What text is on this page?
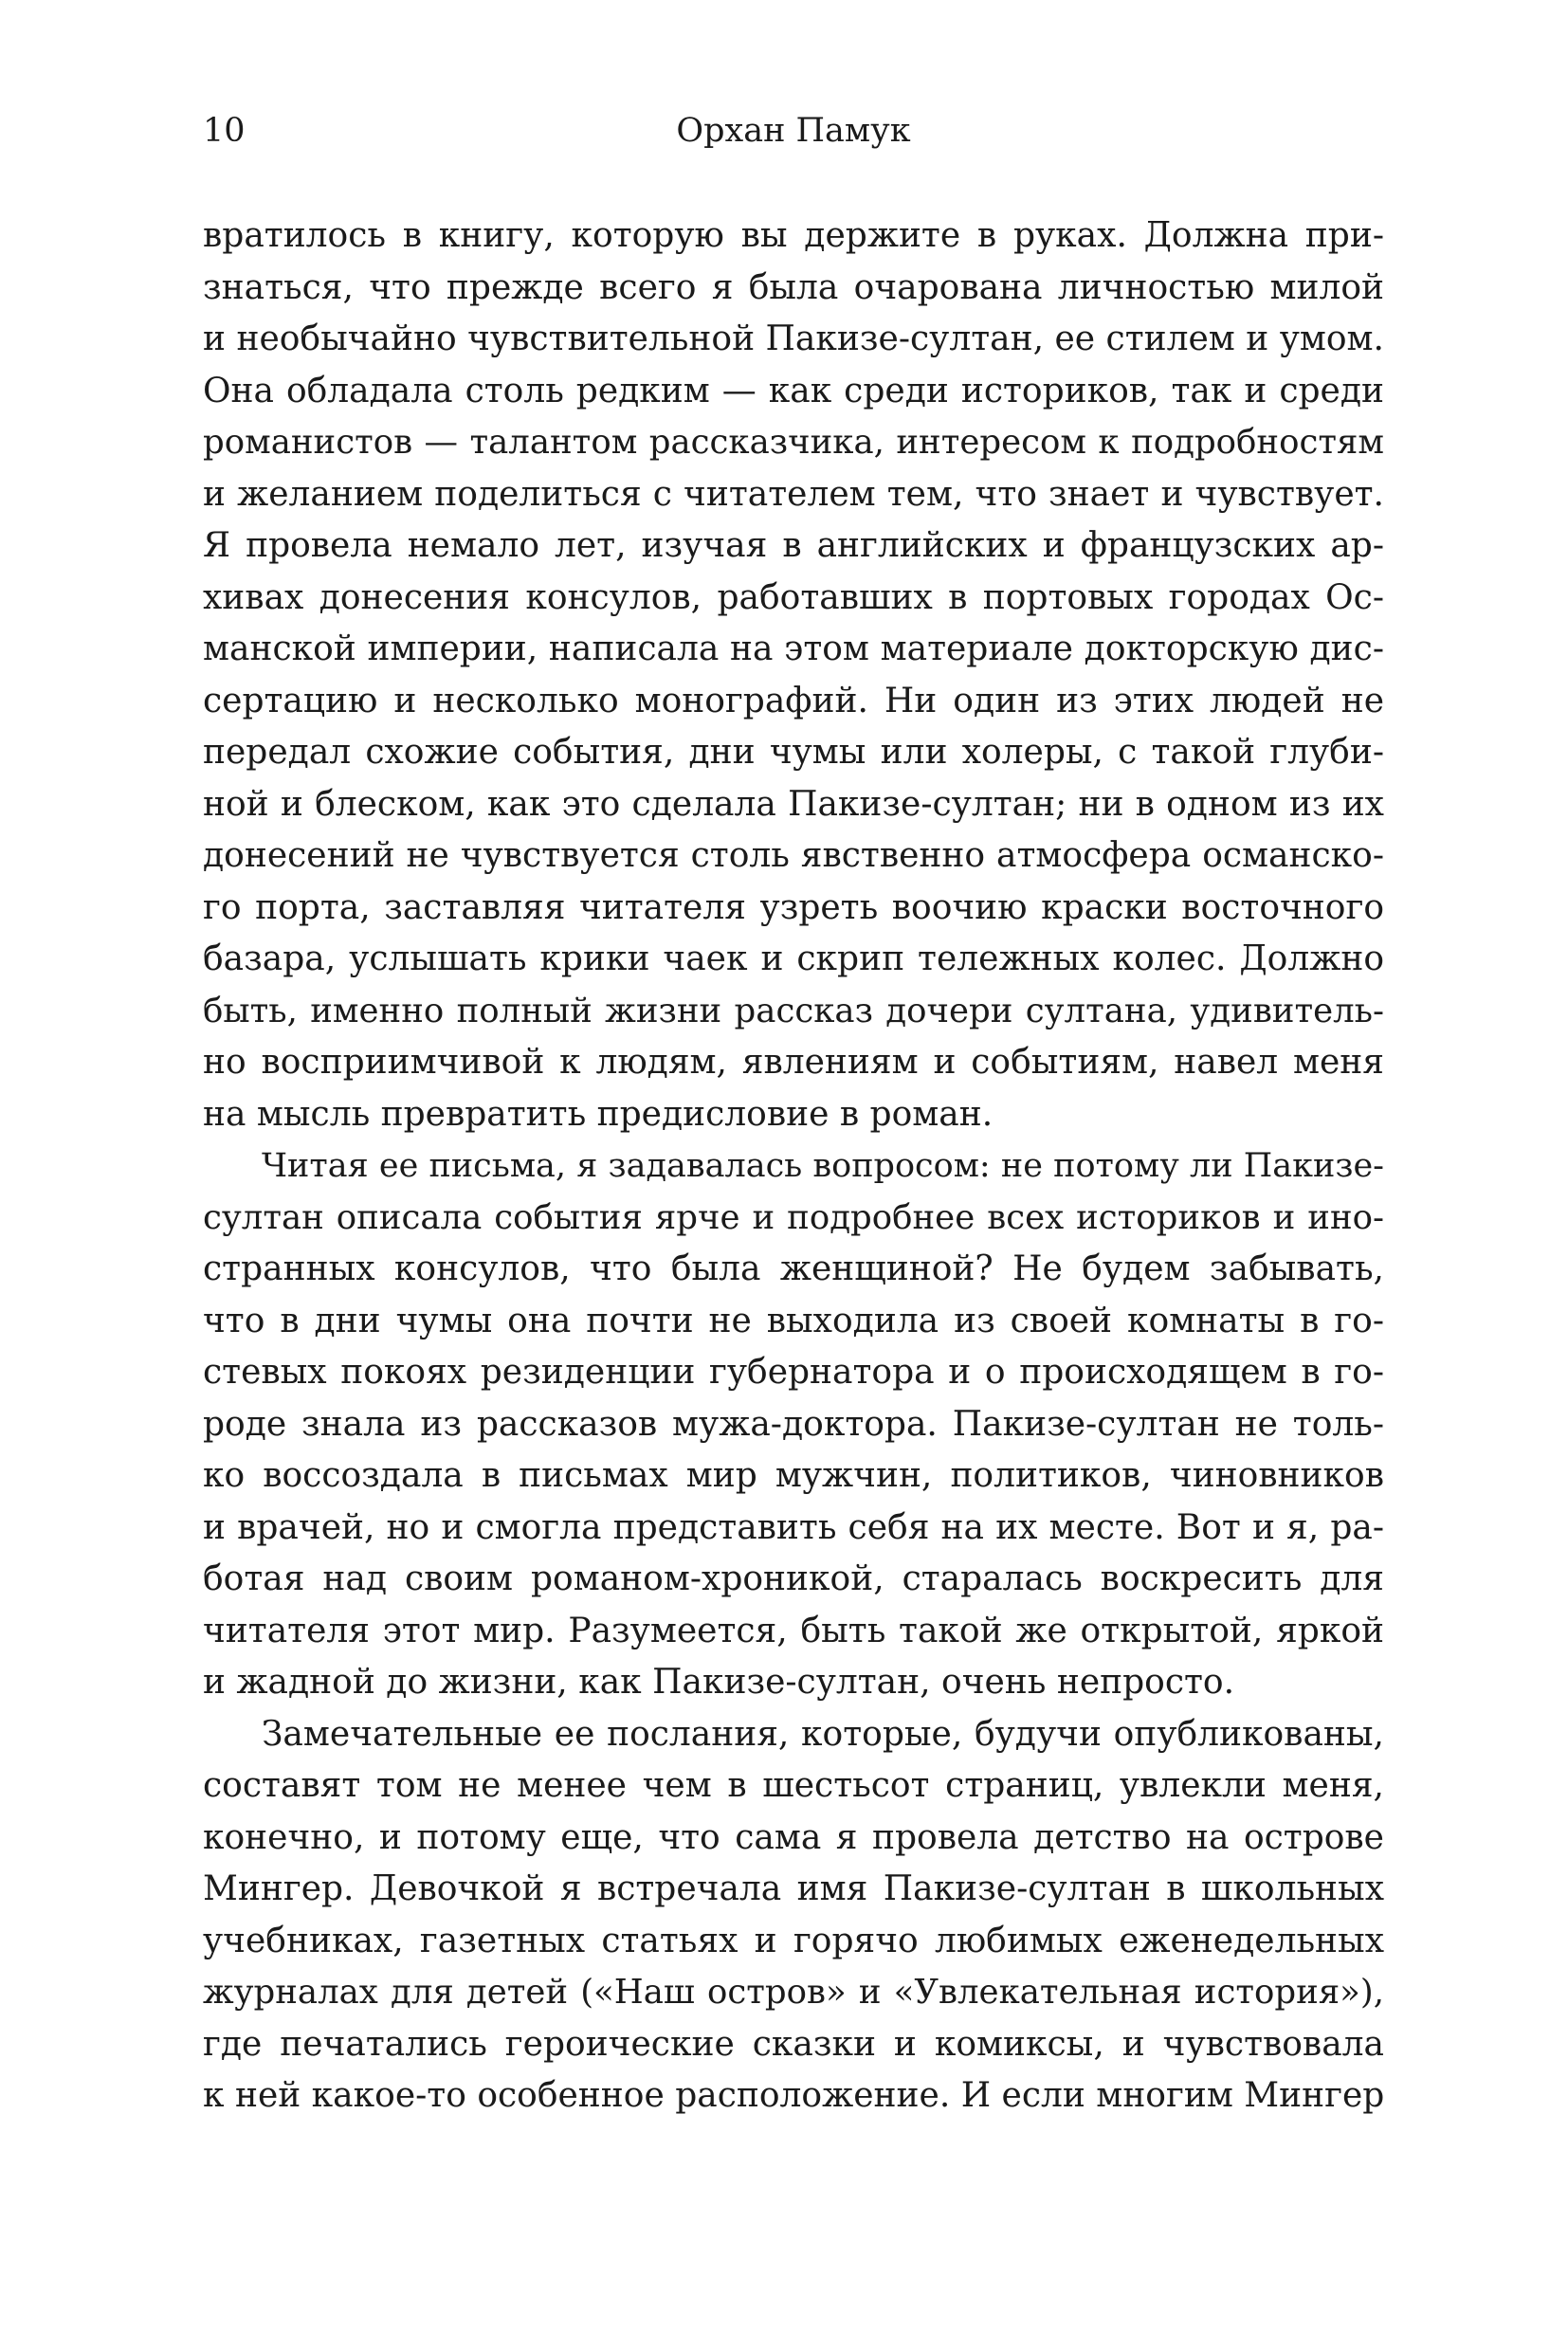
10	Орхан Памук
вратилось в книгу, которую вы держите в руках. Должна при-
знаться, что прежде всего я была очарована личностью милой
и необычайно чувствительной Пакизе-султан, ее стилем и умом.
Она обладала столь редким — как среди историков, так и среди
романистов — талантом рассказчика, интересом к подробностям
и желанием поделиться с читателем тем, что знает и чувствует.
Я провела немало лет, изучая в английских и французских ар-
хивах донесения консулов, работавших в портовых городах Ос-
манской империи, написала на этом материале докторскую дис-
сертацию и несколько монографий. Ни один из этих людей не
передал схожие события, дни чумы или холеры, с такой глуби-
ной и блеском, как это сделала Пакизе-султан; ни в одном из их
донесений не чувствуется столь явственно атмосфера османско-
го порта, заставляя читателя узреть воочию краски восточного
базара, услышать крики чаек и скрип тележных колес. Должно
быть, именно полный жизни рассказ дочери султана, удивитель-
но восприимчивой к людям, явлениям и событиям, навел меня
на мысль превратить предисловие в роман.
Читая ее письма, я задавалась вопросом: не потому ли Пакизе-
султан описала события ярче и подробнее всех историков и ино-
странных консулов, что была женщиной? Не будем забывать,
что в дни чумы она почти не выходила из своей комнаты в го-
стевых покоях резиденции губернатора и о происходящем в го-
роде знала из рассказов мужа-доктора. Пакизе-султан не толь-
ко воссоздала в письмах мир мужчин, политиков, чиновников
и врачей, но и смогла представить себя на их месте. Вот и я, ра-
ботая над своим романом-хроникой, старалась воскресить для
читателя этот мир. Разумеется, быть такой же открытой, яркой
и жадной до жизни, как Пакизе-султан, очень непросто.
Замечательные ее послания, которые, будучи опубликованы,
составят том не менее чем в шестьсот страниц, увлекли меня,
конечно, и потому еще, что сама я провела детство на острове
Мингер. Девочкой я встречала имя Пакизе-султан в школьных
учебниках, газетных статьях и горячо любимых еженедельных
журналах для детей («Наш остров» и «Увлекательная история»),
где печатались героические сказки и комиксы, и чувствовала
к ней какое-то особенное расположение. И если многим Мингер
